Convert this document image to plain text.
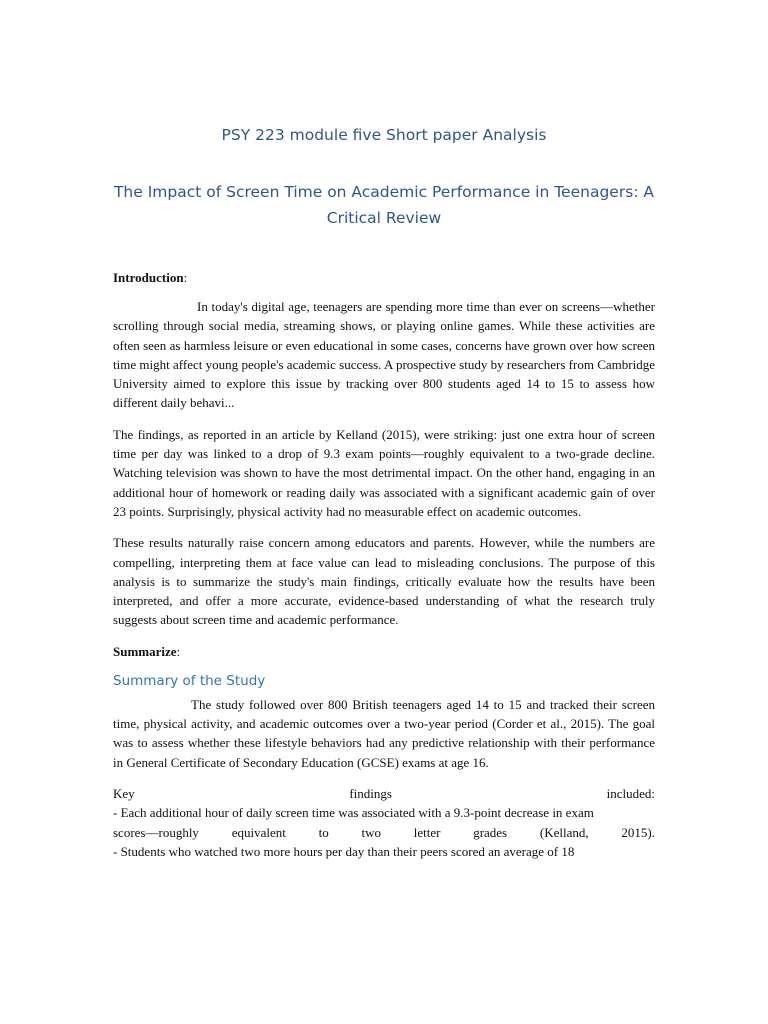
PSY 223 module five Short paper Analysis
The Impact of Screen Time on Academic Performance in Teenagers: A Critical Review
Introduction:

In today's digital age, teenagers are spending more time than ever on screens—whether scrolling through social media, streaming shows, or playing online games. While these activities are often seen as harmless leisure or even educational in some cases, concerns have grown over how screen time might affect young people's academic success. A prospective study by researchers from Cambridge University aimed to explore this issue by tracking over 800 students aged 14 to 15 to assess how different daily behavi...

The findings, as reported in an article by Kelland (2015), were striking: just one extra hour of screen time per day was linked to a drop of 9.3 exam points—roughly equivalent to a two-grade decline. Watching television was shown to have the most detrimental impact. On the other hand, engaging in an additional hour of homework or reading daily was associated with a significant academic gain of over 23 points. Surprisingly, physical activity had no measurable effect on academic outcomes.

These results naturally raise concern among educators and parents. However, while the numbers are compelling, interpreting them at face value can lead to misleading conclusions. The purpose of this analysis is to summarize the study's main findings, critically evaluate how the results have been interpreted, and offer a more accurate, evidence-based understanding of what the research truly suggests about screen time and academic performance.

Summarize:
Summary of the Study

The study followed over 800 British teenagers aged 14 to 15 and tracked their screen time, physical activity, and academic outcomes over a two-year period (Corder et al., 2015). The goal was to assess whether these lifestyle behaviors had any predictive relationship with their performance in General Certificate of Secondary Education (GCSE) exams at age 16.

Key	findings	included:
- Each additional hour of daily screen time was associated with a 9.3-point decrease in exam
scores—roughly	equivalent	to	two	letter	grades	(Kelland,	2015).
- Students who watched two more hours per day than their peers scored an average of 18
